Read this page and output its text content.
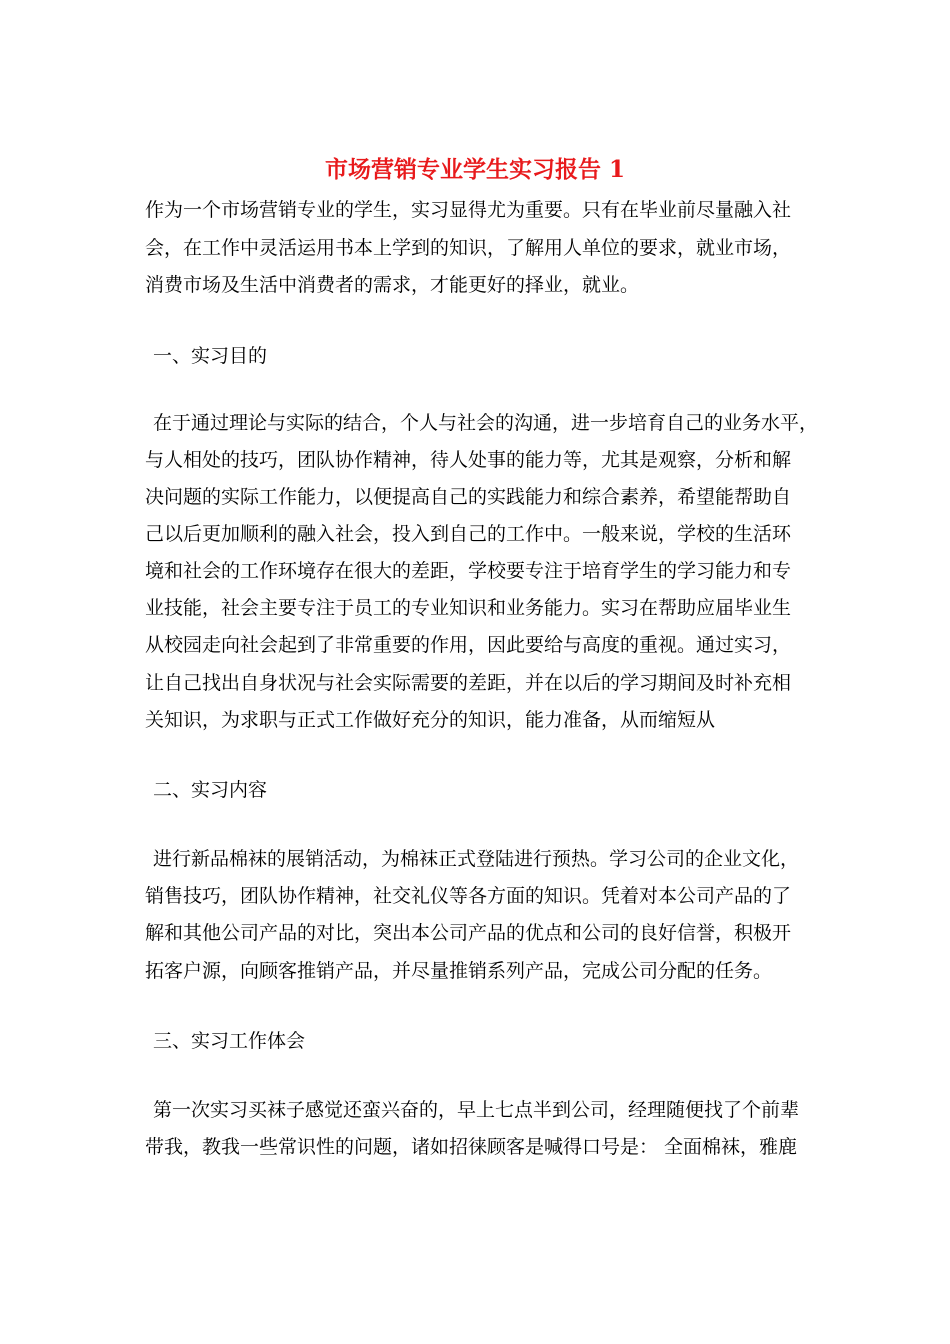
市场营销专业学生实习报告 1
作为一个市场营销专业的学生，实习显得尤为重要。只有在毕业前尽量融入社
会，在工作中灵活运用书本上学到的知识，了解用人单位的要求，就业市场，
消费市场及生活中消费者的需求，才能更好的择业，就业。
一、实习目的
在于通过理论与实际的结合，个人与社会的沟通，进一步培育自己的业务水平，
与人相处的技巧，团队协作精神，待人处事的能力等，尤其是观察，分析和解
决问题的实际工作能力，以便提高自己的实践能力和综合素养，希望能帮助自
己以后更加顺利的融入社会，投入到自己的工作中。一般来说，学校的生活环
境和社会的工作环境存在很大的差距，学校要专注于培育学生的学习能力和专
业技能，社会主要专注于员工的专业知识和业务能力。实习在帮助应届毕业生
从校园走向社会起到了非常重要的作用，因此要给与高度的重视。通过实习，
让自己找出自身状况与社会实际需要的差距，并在以后的学习期间及时补充相
关知识，为求职与正式工作做好充分的知识，能力准备，从而缩短从
二、实习内容
进行新品棉袜的展销活动，为棉袜正式登陆进行预热。学习公司的企业文化，
销售技巧，团队协作精神，社交礼仪等各方面的知识。凭着对本公司产品的了
解和其他公司产品的对比，突出本公司产品的优点和公司的良好信誉，积极开
拓客户源，向顾客推销产品，并尽量推销系列产品，完成公司分配的任务。
三、实习工作体会
第一次实习买袜子感觉还蛮兴奋的，早上七点半到公司，经理随便找了个前辈
带我，教我一些常识性的问题，诸如招徕顾客是喊得口号是： 全面棉袜，雅鹿
